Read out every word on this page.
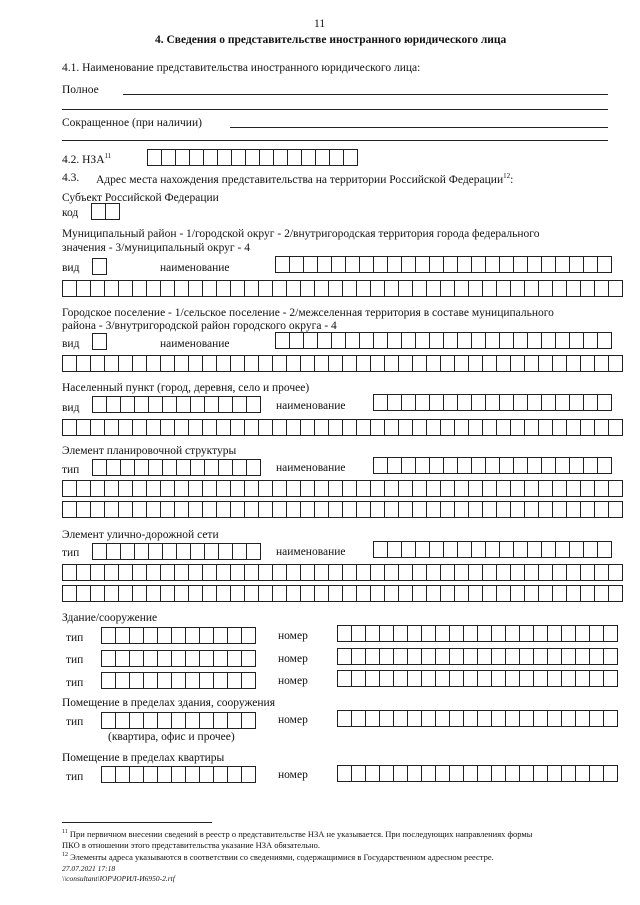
11
4. Сведения о представительстве иностранного юридического лица
4.1. Наименование представительства иностранного юридического лица:
Полное
Сокращенное (при наличии)
4.2. НЗА$^{11}$
4.3. Адрес места нахождения представительства на территории Российской Федерации$^{12}$:
Субъект Российской Федерации
код
Муниципальный район - 1/городской округ - 2/внутригородская территория города федерального
значения - 3/муниципальный округ - 4
вид	наименование
Городское поселение - 1/сельское поселение - 2/межселенная территория в составе муниципального
района - 3/внутригородской район городского округа - 4
вид	наименование
Населенный пункт (город, деревня, село и прочее)
вид	наименование
Элемент планировочной структуры
тип	наименование
Элемент улично-дорожной сети
тип	наименование
Здание/сооружение
тип	номер
тип	номер
тип	номер
Помещение в пределах здания, сооружения
тип	номер
(квартира, офис и прочее)
Помещение в пределах квартиры
тип	номер
$^{11}$ При первичном внесении сведений в реестр о представительстве НЗА не указывается. При последующих направлениях формы
ПКО в отношении этого представительства указание НЗА обязательно.
$^{12}$ Элементы адреса указываются в соответствии со сведениями, содержащимися в Государственном адресном реестре.
27.07.2021 17:18
\\consultant\ЮР\ЮРИЛ-И6950-2.rtf
